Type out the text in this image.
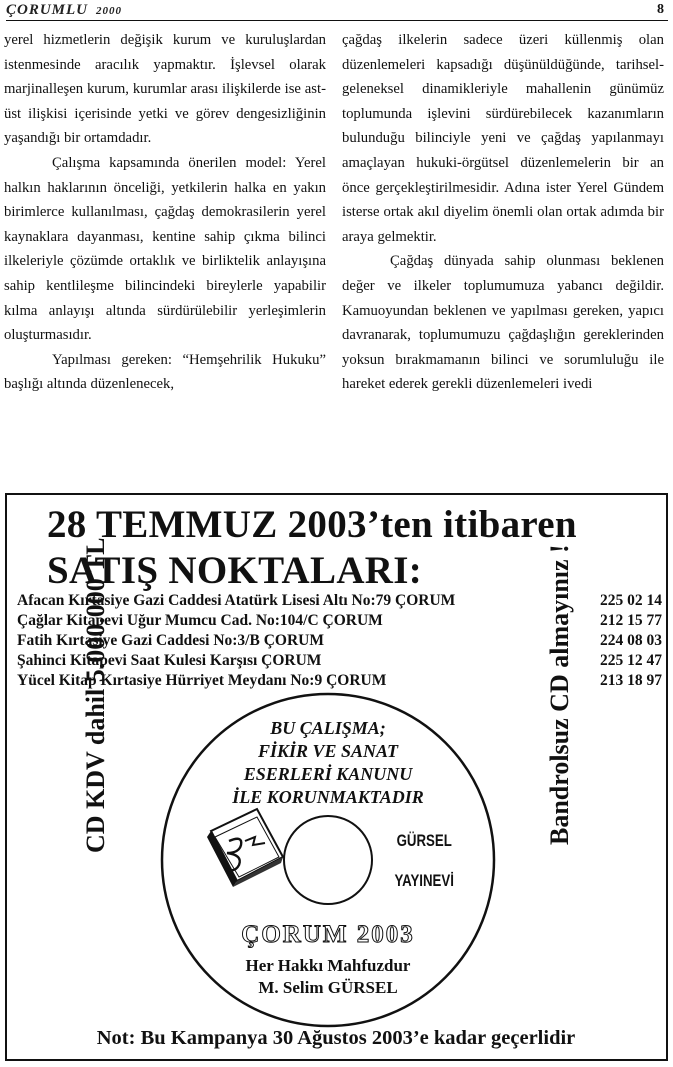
ÇORUMLU 2000	8

yerel hizmetlerin değişik kurum ve kuruluşlardan istenmesinde aracılık yapmaktır. İşlevsel olarak marjinalleşen kurum, kurumlar arası ilişkilerde ise ast-üst ilişkisi içerisinde yetki ve görev dengesizliğinin yaşandığı bir ortamdadır.

Çalışma kapsamında önerilen model: Yerel halkın haklarının önceliği, yetkilerin halka en yakın birimlerce kullanılması, çağdaş demokrasilerin yerel kaynaklara dayanması, kentine sahip çıkma bilinci ilkeleriyle çözümde ortaklık ve birliktelik anlayışına sahip kentlileşme bilincindeki bireylerle yapabilir kılma anlayışı altında sürdürülebilir yerleşimlerin oluşturmasıdır.

Yapılması gereken: “Hemşehrilik Hukuku” başlığı altında düzenlenecek,

çağdaş ilkelerin sadece üzeri küllenmiş olan düzenlemeleri kapsadığı düşünüldüğünde, tarihsel-geleneksel dinamikleriyle mahallenin günümüz toplumunda işlevini sürdürebilecek kazanımların bulunduğu bilinciyle yeni ve çağdaş yapılanmayı amaçlayan hukuki-örgütsel düzenlemelerin bir an önce gerçekleştirilmesidir. Adına ister Yerel Gündem isterse ortak akıl diyelim önemli olan ortak adımda bir araya gelmektir.

Çağdaş dünyada sahip olunması beklenen değer ve ilkeler toplumumuza yabancı değildir. Kamuoyundan beklenen ve yapılması gereken, yapıcı davranarak, toplumumuzu çağdaşlığın gereklerinden yoksun bırakmamanın bilinci ve sorumluluğu ile hareket ederek gerekli düzenlemeleri ivedi

28 TEMMUZ 2003’ten itibaren
SATIŞ NOKTALARI:
Afacan Kırtasiye Gazi Caddesi Atatürk Lisesi Altı No:79 ÇORUM	225 02 14
Çağlar Kitapevi Uğur Mumcu Cad. No:104/C ÇORUM	212 15 77
Fatih Kırtasiye Gazi Caddesi No:3/B ÇORUM	224 08 03
Şahinci Kitapevi Saat Kulesi Karşısı ÇORUM	225 12 47
Yücel Kitap Kırtasiye Hürriyet Meydanı No:9 ÇORUM	213 18 97
CD KDV dahil 5.000.000 TL	Bandrolsuz CD almayınız !
BU ÇALIŞMA;
FİKİR VE SANAT
ESERLERİ KANUNU
İLE KORUNMAKTADIR
GÜRSEL
YAYINEVİ
ÇORUM 2003
Her Hakkı Mahfuzdur
M. Selim GÜRSEL
Not: Bu Kampanya 30 Ağustos 2003’e kadar geçerlidir
